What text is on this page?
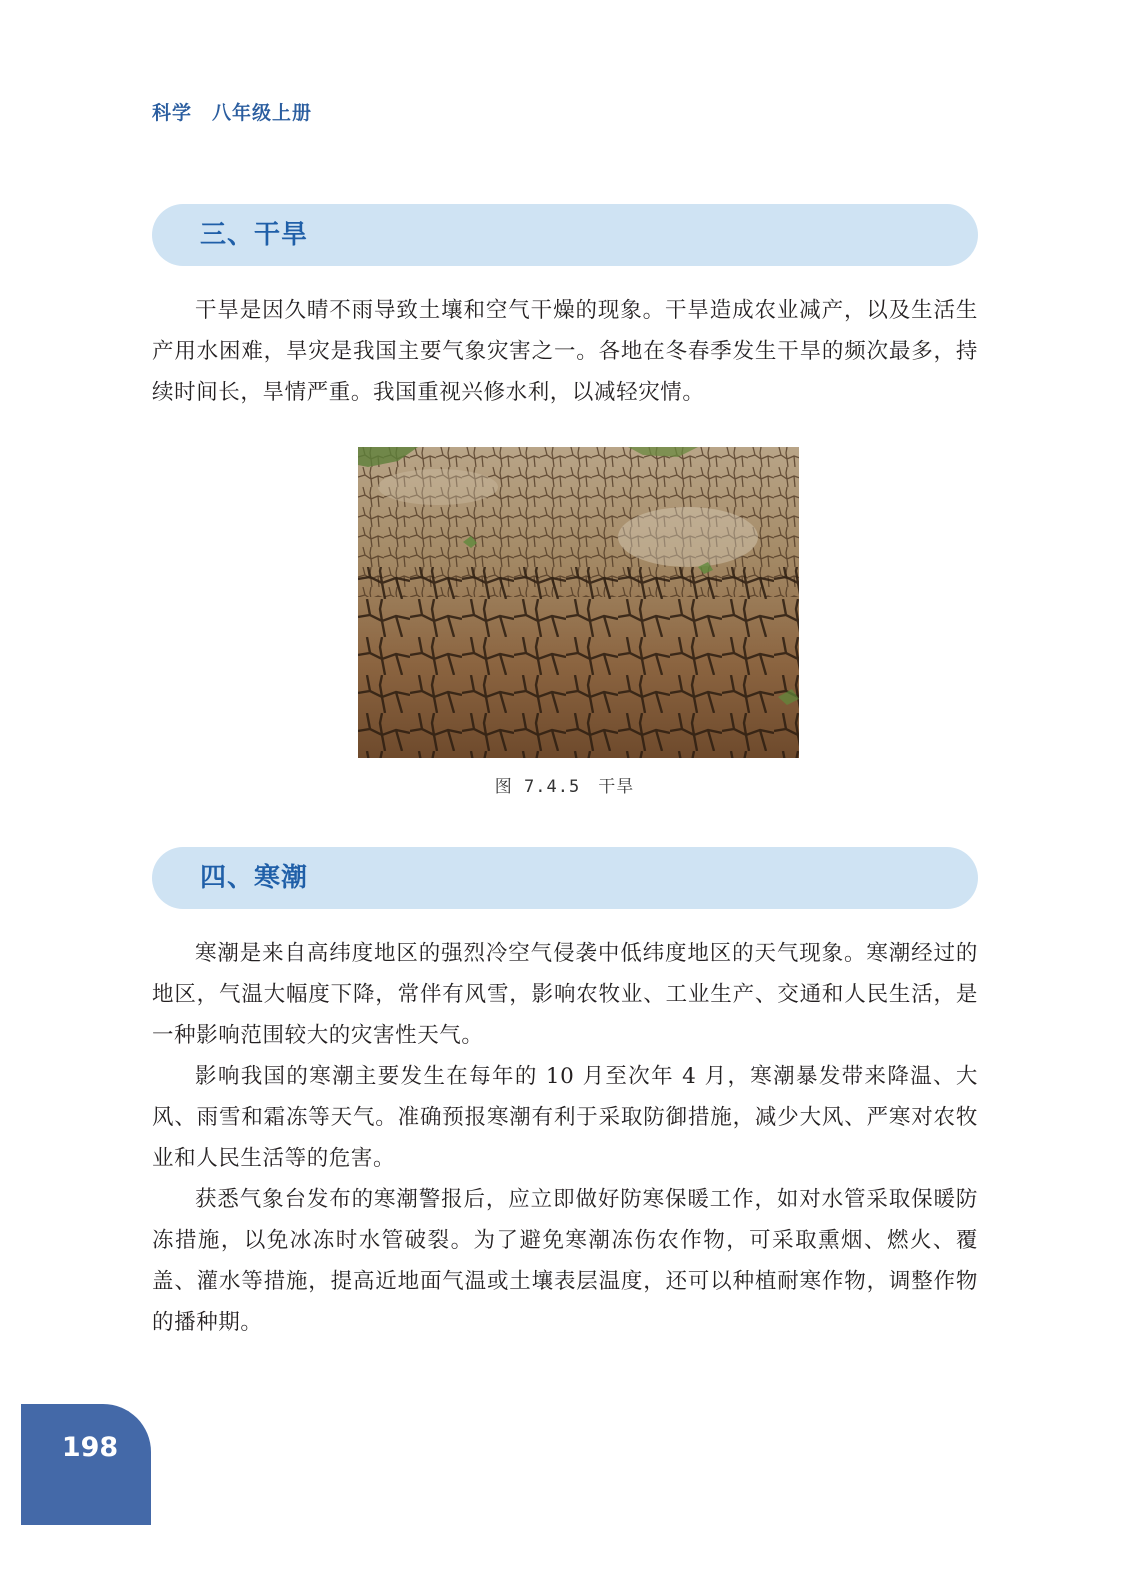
科学 八年级上册
三、干旱

干旱是因久晴不雨导致土壤和空气干燥的现象。干旱造成农业减产，以及生活生产用水困难，旱灾是我国主要气象灾害之一。各地在冬春季发生干旱的频次最多，持续时间长，旱情严重。我国重视兴修水利，以减轻灾情。

图 7.4.5 干旱
四、寒潮

寒潮是来自高纬度地区的强烈冷空气侵袭中低纬度地区的天气现象。寒潮经过的地区，气温大幅度下降，常伴有风雪，影响农牧业、工业生产、交通和人民生活，是一种影响范围较大的灾害性天气。

影响我国的寒潮主要发生在每年的 10 月至次年 4 月，寒潮暴发带来降温、大风、雨雪和霜冻等天气。准确预报寒潮有利于采取防御措施，减少大风、严寒对农牧业和人民生活等的危害。

获悉气象台发布的寒潮警报后，应立即做好防寒保暖工作，如对水管采取保暖防冻措施，以免冰冻时水管破裂。为了避免寒潮冻伤农作物，可采取熏烟、燃火、覆盖、灌水等措施，提高近地面气温或土壤表层温度，还可以种植耐寒作物，调整作物的播种期。

198
